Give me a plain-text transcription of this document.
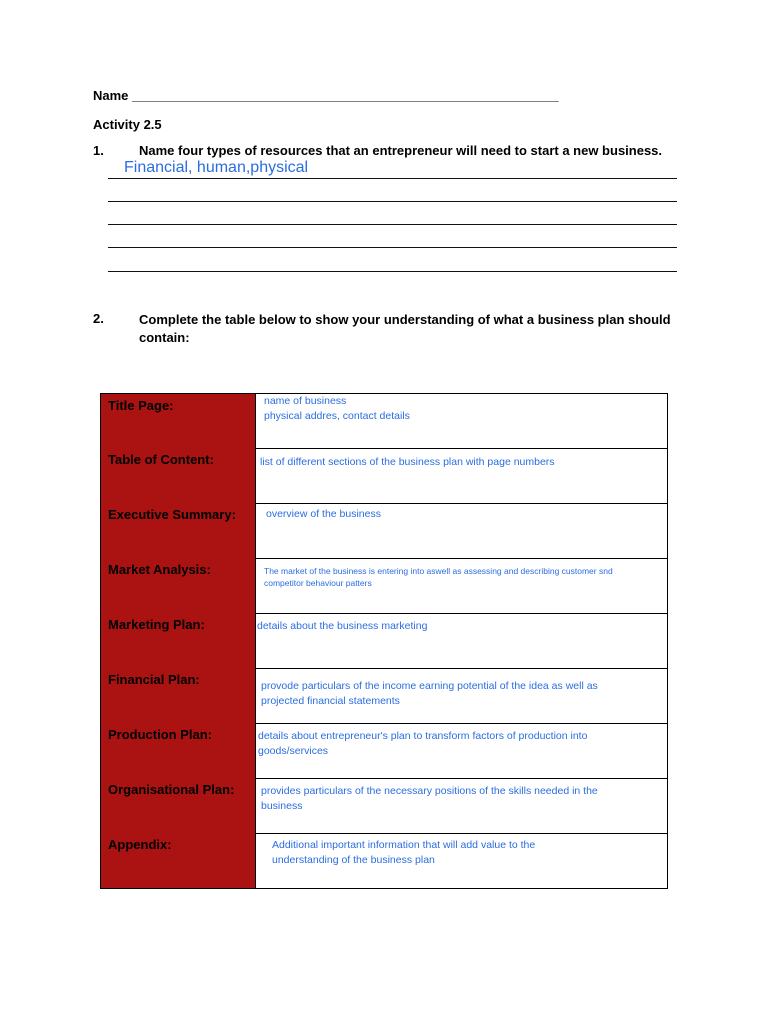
Name ___________________________________________________________
Activity 2.5
1.	Name four types of resources that an entrepreneur will need to start a new business.
Financial, human,physical
2.	Complete the table below to show your understanding of what a business plan should contain:
Title Page:	name of business
physical addres, contact details

Table of Content:	list of different sections of the business plan with page numbers

Executive Summary:	overview of the business

Market Analysis:	The market of the business is entering into aswell as assessing and describing customer snd
competitor behaviour patters

Marketing Plan:	details about the business marketing

Financial Plan:	provode particulars of the income earning potential of the idea as well as
projected financial statements

Production Plan:	details about entrepreneur's plan to transform factors of production into
goods/services

Organisational Plan:	provides particulars of the necessary positions of the skills needed in the
business

Appendix:	Additional important information that will add value to the
understanding of the business plan
